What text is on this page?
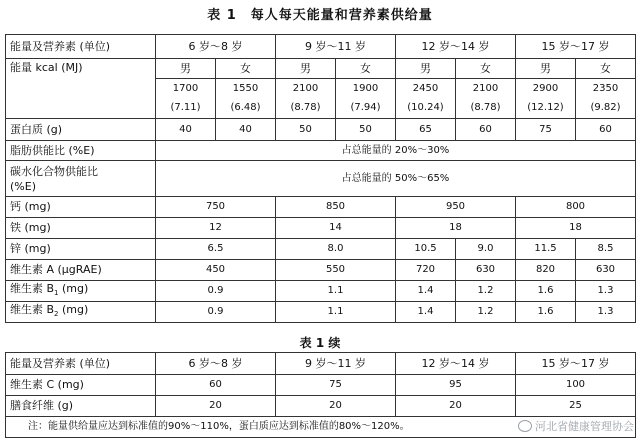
表 1 每人每天能量和营养素供给量
能量及营养素 (单位)	6 岁～8 岁		9 岁～11 岁		12 岁～14 岁		15 岁～17 岁	
能量 kcal (MJ)	男	女	男	女	男	女	男	女
	1700	1550	2100	1900	2450	2100	2900	2350
	(7.11)	(6.48)	(8.78)	(7.94)	(10.24)	(8.78)	(12.12)	(9.82)
蛋白质 (g)	40	40	50	50	65	60	75	60
脂肪供能比 (%E)	占总能量的 20%～30%							

碳水化合物供能比
(%E)	占总能量的 50%～65%							
钙 (mg)	750		850		950		800	
铁 (mg)	12		14		18		18	
锌 (mg)	6.5		8.0		10.5	9.0	11.5	8.5
维生素 A (μgRAE)	450		550		720	630	820	630
维生素 $B_1$ (mg)	0.9		1.1		1.4	1.2	1.6	1.3
维生素 $B_2$ (mg)	0.9		1.1		1.4	1.2	1.6	1.3
表 1 续
能量及营养素 (单位)	6 岁～8 岁	9 岁～11 岁	12 岁～14 岁	15 岁～17 岁
维生素 C (mg)	60	75	95	100
膳食纤维 (g)	20	20	20	25
注：能量供给量应达到标准值的90%～110%，蛋白质应达到标准值的80%～120%。					河北省健康管理协会
